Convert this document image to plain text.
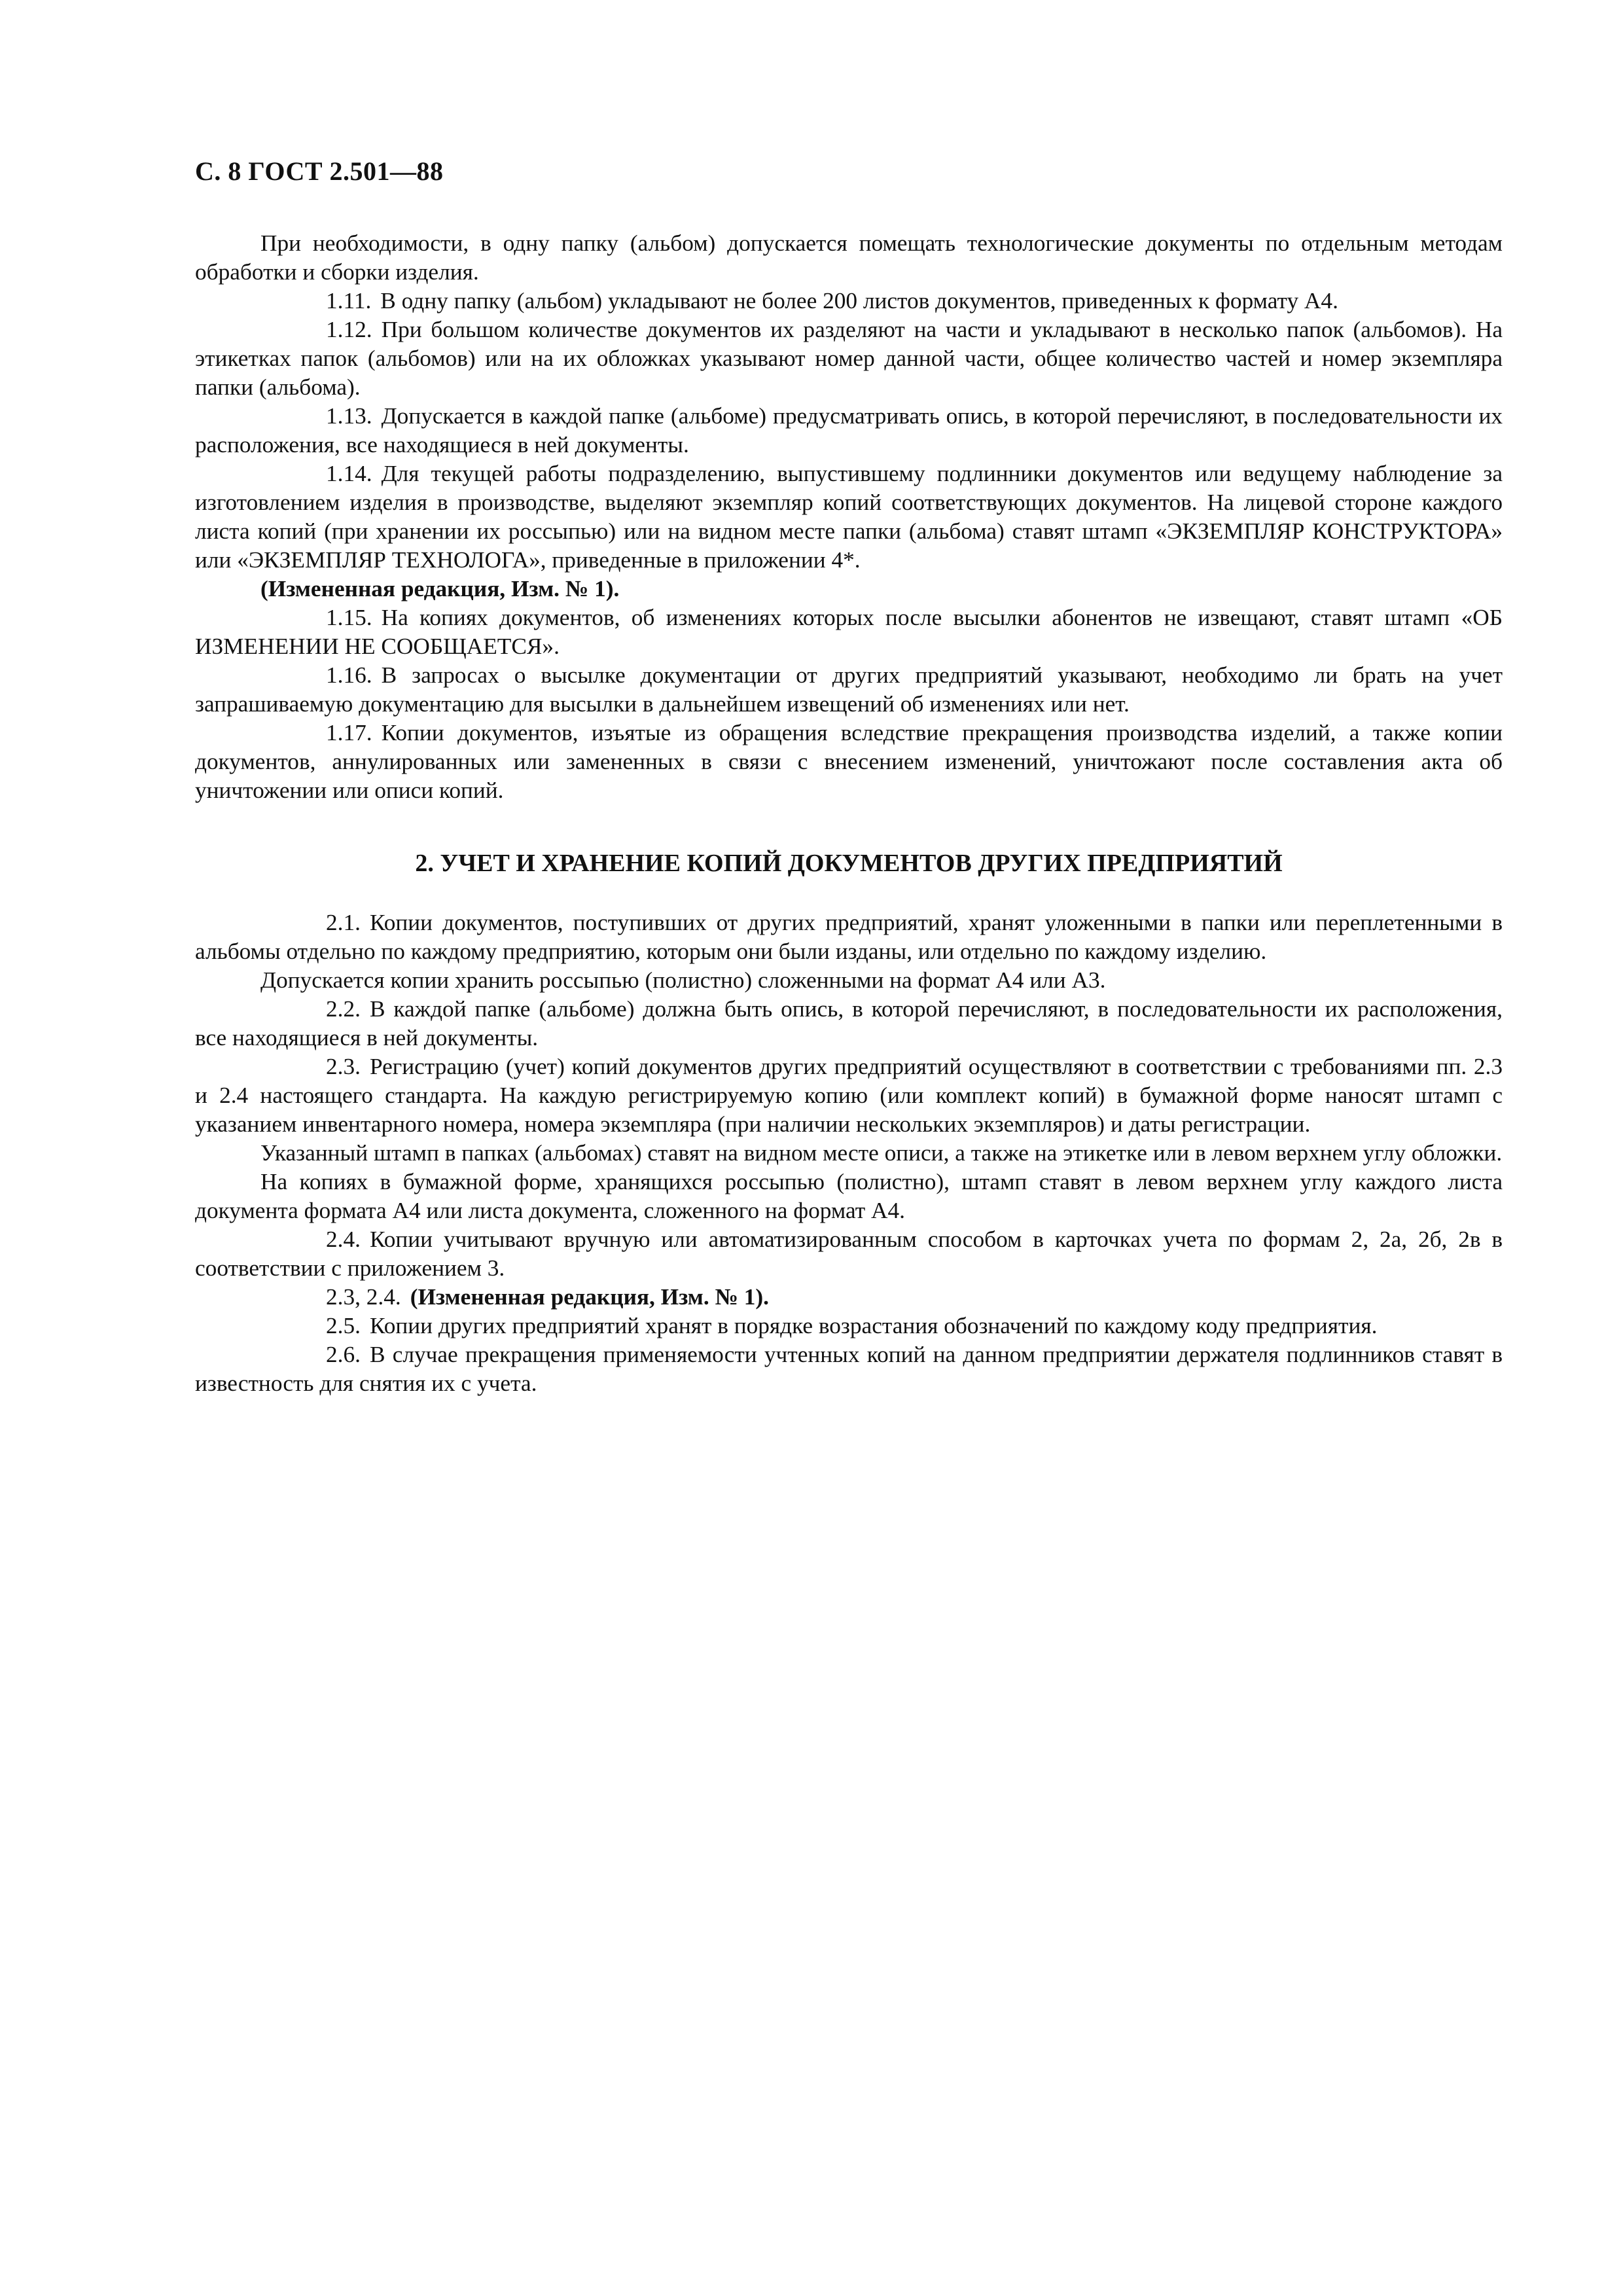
С. 8 ГОСТ 2.501—88

При необходимости, в одну папку (альбом) допускается помещать технологические документы по отдельным методам обработки и сборки изделия.

1.11. В одну папку (альбом) укладывают не более 200 листов документов, приведенных к формату А4.

1.12. При большом количестве документов их разделяют на части и укладывают в несколько папок (альбомов). На этикетках папок (альбомов) или на их обложках указывают номер данной части, общее количество частей и номер экземпляра папки (альбома).

1.13. Допускается в каждой папке (альбоме) предусматривать опись, в которой перечисляют, в последовательности их расположения, все находящиеся в ней документы.

1.14. Для текущей работы подразделению, выпустившему подлинники документов или ведущему наблюдение за изготовлением изделия в производстве, выделяют экземпляр копий соответствующих документов. На лицевой стороне каждого листа копий (при хранении их россыпью) или на видном месте папки (альбома) ставят штамп «ЭКЗЕМПЛЯР КОНСТРУКТОРА» или «ЭКЗЕМПЛЯР ТЕХНОЛОГА», приведенные в приложении 4*.

(Измененная редакция, Изм. № 1).

1.15. На копиях документов, об изменениях которых после высылки абонентов не извещают, ставят штамп «ОБ ИЗМЕНЕНИИ НЕ СООБЩАЕТСЯ».

1.16. В запросах о высылке документации от других предприятий указывают, необходимо ли брать на учет запрашиваемую документацию для высылки в дальнейшем извещений об изменениях или нет.

1.17. Копии документов, изъятые из обращения вследствие прекращения производства изделий, а также копии документов, аннулированных или замененных в связи с внесением изменений, уничтожают после составления акта об уничтожении или описи копий.

2. УЧЕТ И ХРАНЕНИЕ КОПИЙ ДОКУМЕНТОВ ДРУГИХ ПРЕДПРИЯТИЙ

2.1. Копии документов, поступивших от других предприятий, хранят уложенными в папки или переплетенными в альбомы отдельно по каждому предприятию, которым они были изданы, или отдельно по каждому изделию.

Допускается копии хранить россыпью (полистно) сложенными на формат А4 или А3.

2.2. В каждой папке (альбоме) должна быть опись, в которой перечисляют, в последовательности их расположения, все находящиеся в ней документы.

2.3. Регистрацию (учет) копий документов других предприятий осуществляют в соответствии с требованиями пп. 2.3 и 2.4 настоящего стандарта. На каждую регистрируемую копию (или комплект копий) в бумажной форме наносят штамп с указанием инвентарного номера, номера экземпляра (при наличии нескольких экземпляров) и даты регистрации.

Указанный штамп в папках (альбомах) ставят на видном месте описи, а также на этикетке или в левом верхнем углу обложки.

На копиях в бумажной форме, хранящихся россыпью (полистно), штамп ставят в левом верхнем углу каждого листа документа формата А4 или листа документа, сложенного на формат А4.

2.4. Копии учитывают вручную или автоматизированным способом в карточках учета по формам 2, 2а, 2б, 2в в соответствии с приложением 3.

2.3, 2.4. (Измененная редакция, Изм. № 1).

2.5. Копии других предприятий хранят в порядке возрастания обозначений по каждому коду предприятия.

2.6. В случае прекращения применяемости учтенных копий на данном предприятии держателя подлинников ставят в известность для снятия их с учета.
